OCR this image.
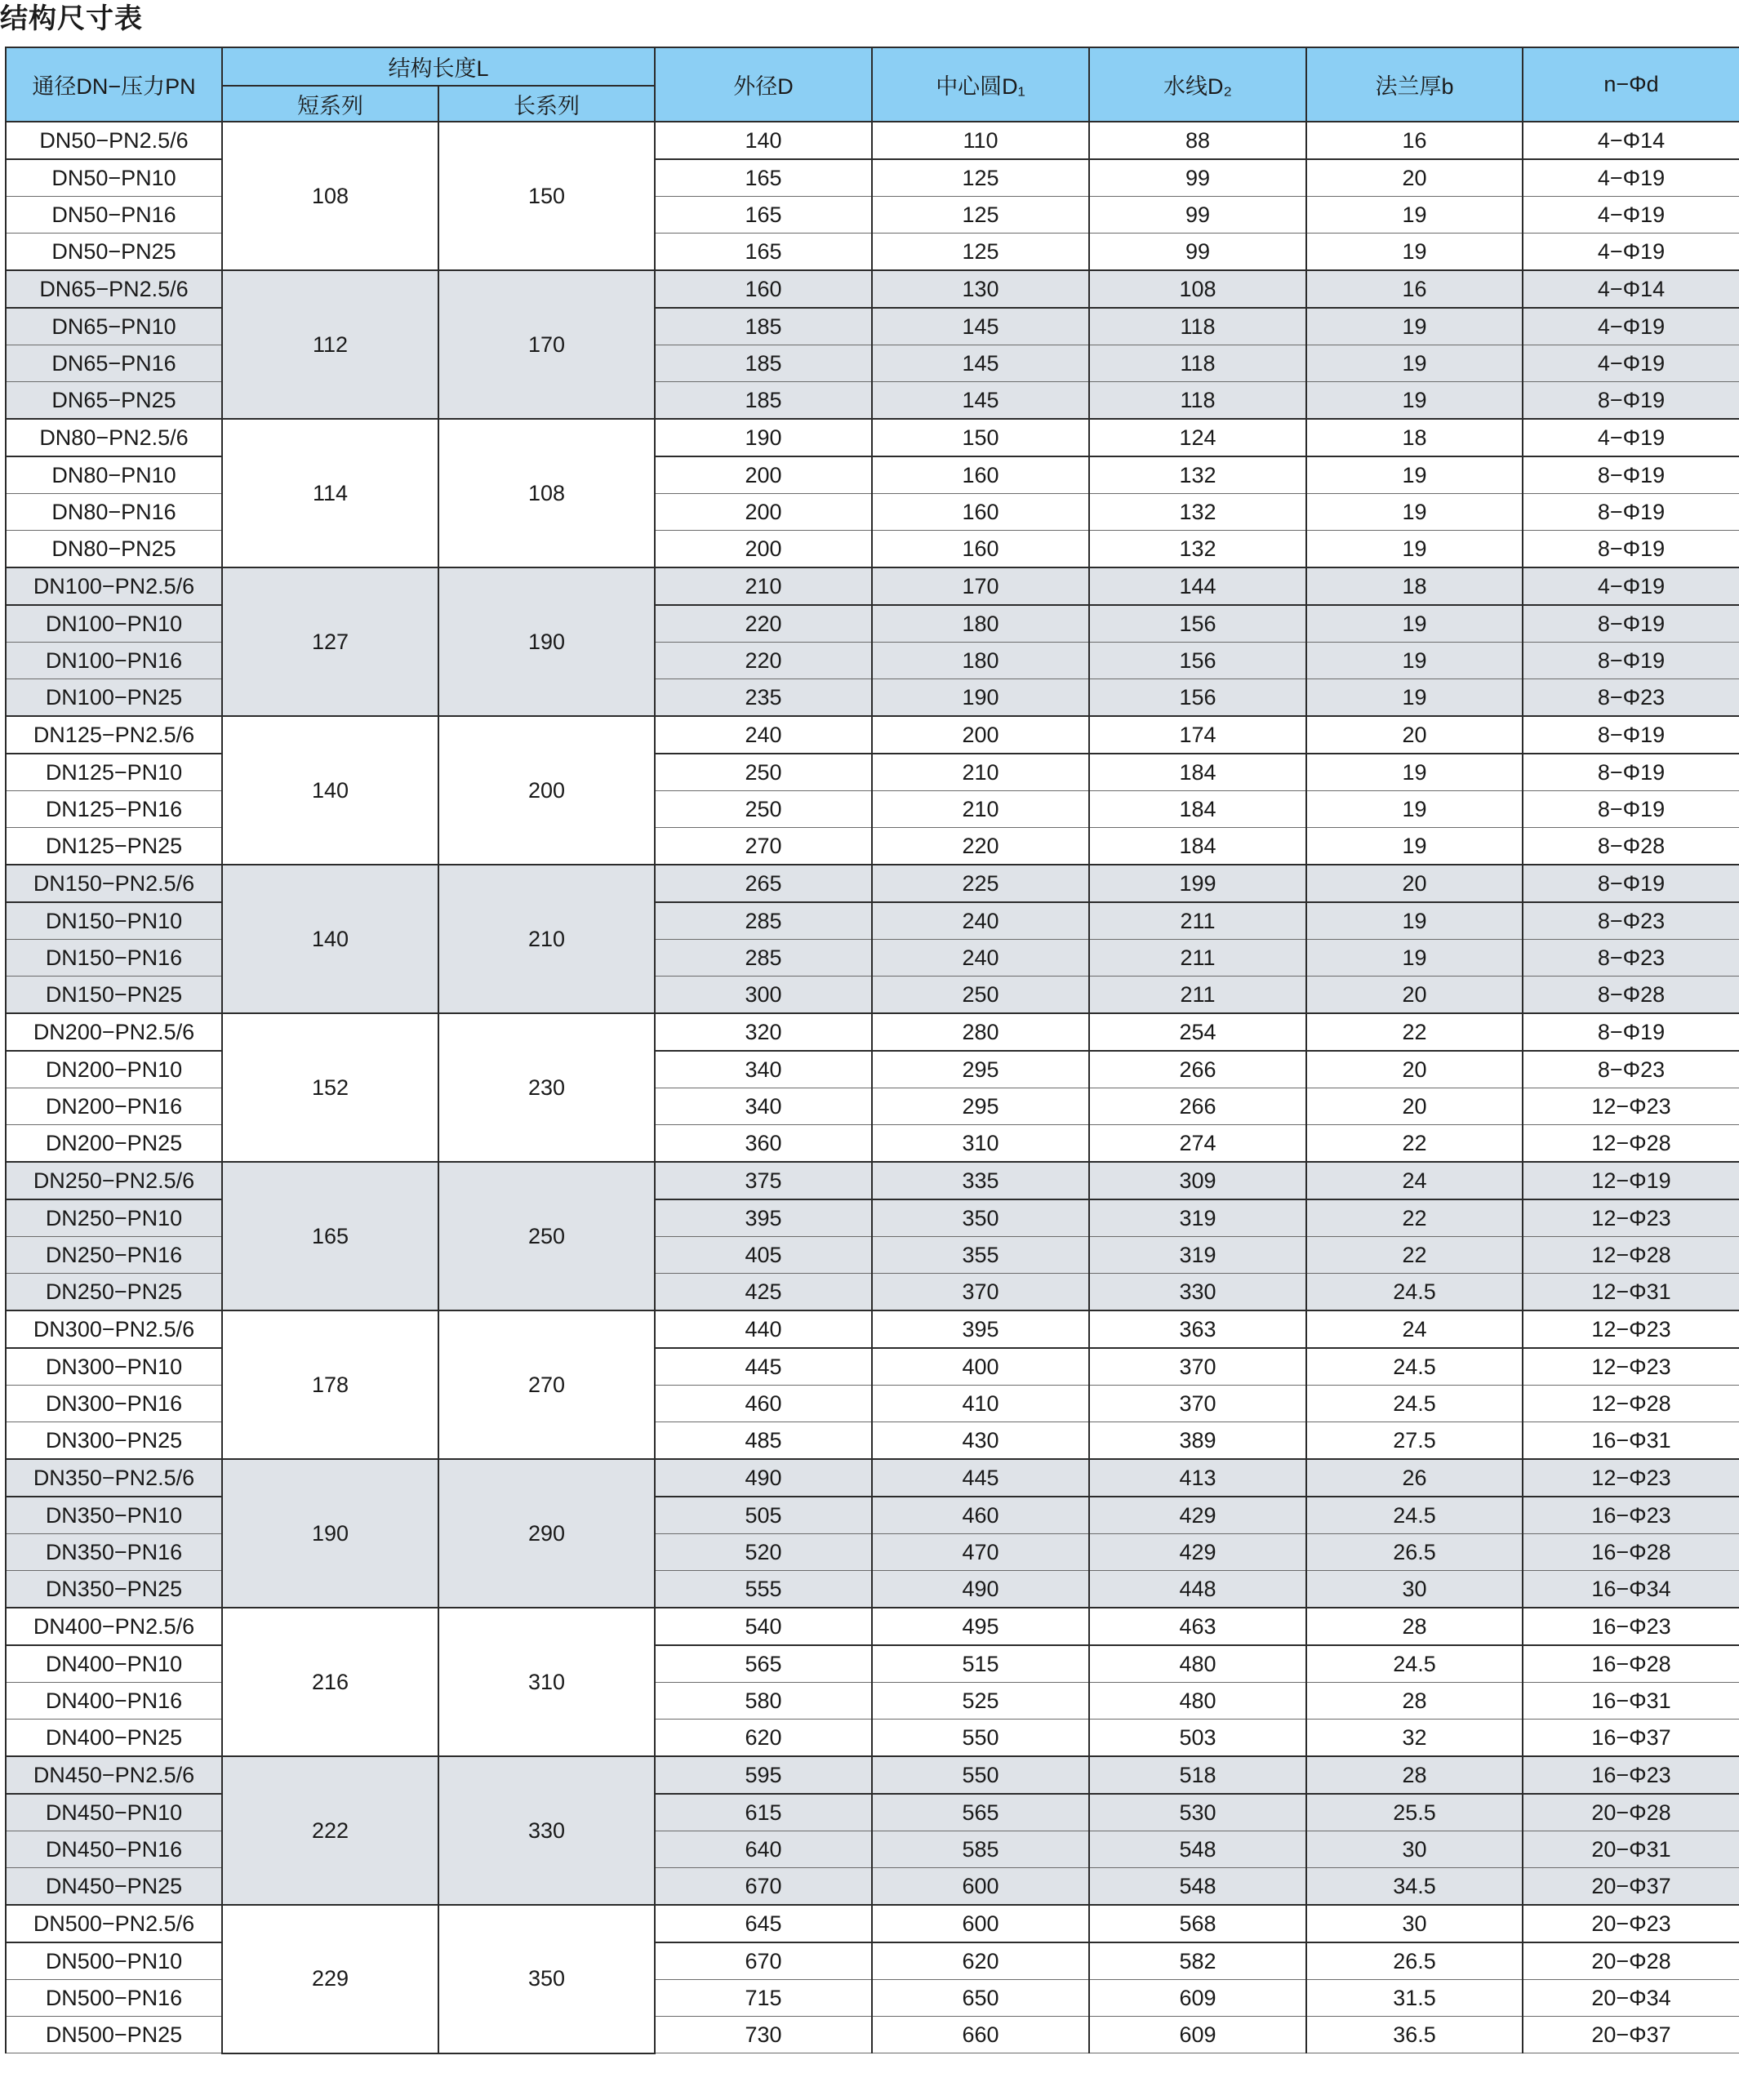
结构尺寸表
通径DN−压力PN	结构长度L		外径D	中心圆D₁	水线D₂	法兰厚b	n−Φd
	短系列	长系列					
DN50−PN2.5/6	108	150	140	110	88	16	4−Φ14
DN50−PN10			165	125	99	20	4−Φ19
DN50−PN16			165	125	99	19	4−Φ19
DN50−PN25			165	125	99	19	4−Φ19
DN65−PN2.5/6	112	170	160	130	108	16	4−Φ14
DN65−PN10			185	145	118	19	4−Φ19
DN65−PN16			185	145	118	19	4−Φ19
DN65−PN25			185	145	118	19	8−Φ19
DN80−PN2.5/6	114	108	190	150	124	18	4−Φ19
DN80−PN10			200	160	132	19	8−Φ19
DN80−PN16			200	160	132	19	8−Φ19
DN80−PN25			200	160	132	19	8−Φ19
DN100−PN2.5/6	127	190	210	170	144	18	4−Φ19
DN100−PN10			220	180	156	19	8−Φ19
DN100−PN16			220	180	156	19	8−Φ19
DN100−PN25			235	190	156	19	8−Φ23
DN125−PN2.5/6	140	200	240	200	174	20	8−Φ19
DN125−PN10			250	210	184	19	8−Φ19
DN125−PN16			250	210	184	19	8−Φ19
DN125−PN25			270	220	184	19	8−Φ28
DN150−PN2.5/6	140	210	265	225	199	20	8−Φ19
DN150−PN10			285	240	211	19	8−Φ23
DN150−PN16			285	240	211	19	8−Φ23
DN150−PN25			300	250	211	20	8−Φ28
DN200−PN2.5/6	152	230	320	280	254	22	8−Φ19
DN200−PN10			340	295	266	20	8−Φ23
DN200−PN16			340	295	266	20	12−Φ23
DN200−PN25			360	310	274	22	12−Φ28
DN250−PN2.5/6	165	250	375	335	309	24	12−Φ19
DN250−PN10			395	350	319	22	12−Φ23
DN250−PN16			405	355	319	22	12−Φ28
DN250−PN25			425	370	330	24.5	12−Φ31
DN300−PN2.5/6	178	270	440	395	363	24	12−Φ23
DN300−PN10			445	400	370	24.5	12−Φ23
DN300−PN16			460	410	370	24.5	12−Φ28
DN300−PN25			485	430	389	27.5	16−Φ31
DN350−PN2.5/6	190	290	490	445	413	26	12−Φ23
DN350−PN10			505	460	429	24.5	16−Φ23
DN350−PN16			520	470	429	26.5	16−Φ28
DN350−PN25			555	490	448	30	16−Φ34
DN400−PN2.5/6	216	310	540	495	463	28	16−Φ23
DN400−PN10			565	515	480	24.5	16−Φ28
DN400−PN16			580	525	480	28	16−Φ31
DN400−PN25			620	550	503	32	16−Φ37
DN450−PN2.5/6	222	330	595	550	518	28	16−Φ23
DN450−PN10			615	565	530	25.5	20−Φ28
DN450−PN16			640	585	548	30	20−Φ31
DN450−PN25			670	600	548	34.5	20−Φ37
DN500−PN2.5/6	229	350	645	600	568	30	20−Φ23
DN500−PN10			670	620	582	26.5	20−Φ28
DN500−PN16			715	650	609	31.5	20−Φ34
DN500−PN25			730	660	609	36.5	20−Φ37
